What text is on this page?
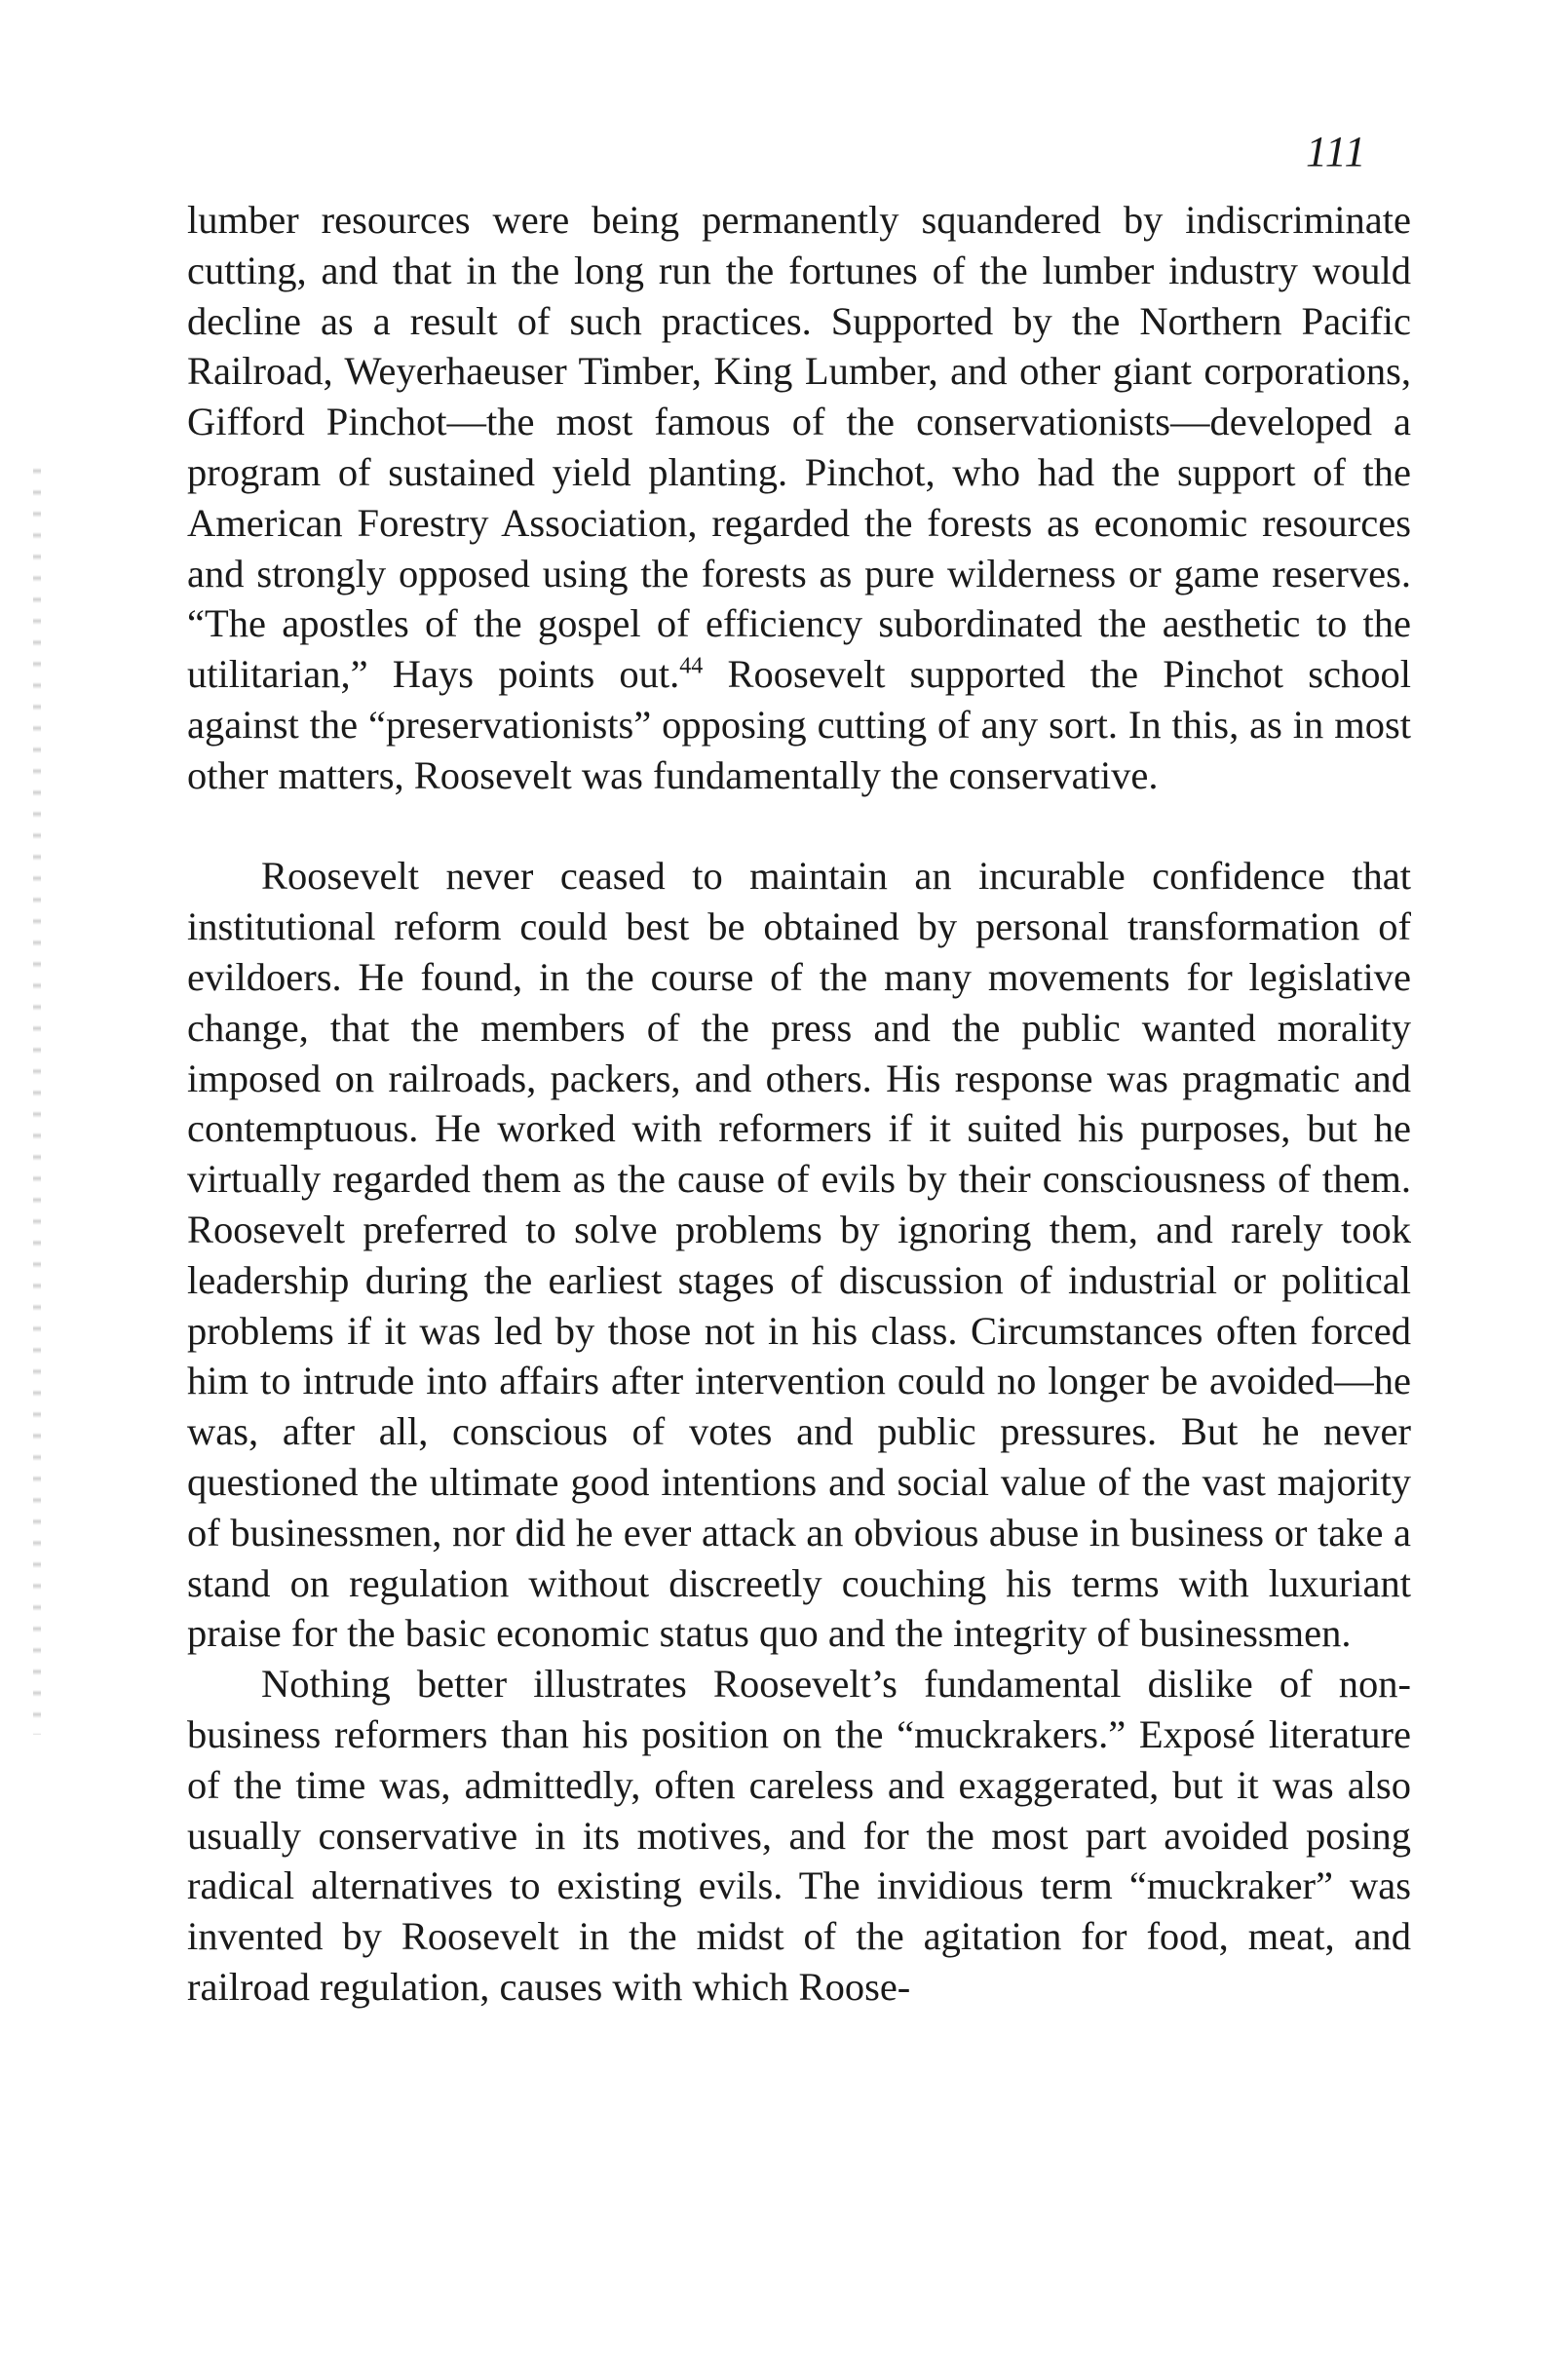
111

lumber resources were being permanently squandered by indiscriminate cutting, and that in the long run the fortunes of the lumber industry would decline as a result of such practices. Supported by the Northern Pacific Railroad, Weyerhaeuser Timber, King Lumber, and other giant corporations, Gifford Pinchot—the most famous of the conservationists—developed a program of sustained yield planting. Pinchot, who had the support of the American Forestry Association, regarded the forests as economic resources and strongly opposed using the forests as pure wilderness or game reserves. “The apostles of the gospel of efficiency subordinated the aesthetic to the utilitarian,” Hays points out.$^{44}$ Roosevelt supported the Pinchot school against the “preservationists” opposing cutting of any sort. In this, as in most other matters, Roosevelt was fundamentally the conservative.

Roosevelt never ceased to maintain an incurable confidence that institutional reform could best be obtained by personal transformation of evildoers. He found, in the course of the many movements for legislative change, that the members of the press and the public wanted morality imposed on railroads, packers, and others. His response was pragmatic and contemptuous. He worked with reformers if it suited his purposes, but he virtually regarded them as the cause of evils by their consciousness of them. Roosevelt preferred to solve problems by ignoring them, and rarely took leadership during the earliest stages of discussion of industrial or political problems if it was led by those not in his class. Circumstances often forced him to intrude into affairs after intervention could no longer be avoided—he was, after all, conscious of votes and public pressures. But he never questioned the ultimate good intentions and social value of the vast majority of businessmen, nor did he ever attack an obvious abuse in business or take a stand on regulation without discreetly couching his terms with luxuriant praise for the basic economic status quo and the integrity of businessmen.

Nothing better illustrates Roosevelt’s fundamental dislike of nonbusiness reformers than his position on the “muckrakers.” Exposé literature of the time was, admittedly, often careless and exaggerated, but it was also usually conservative in its motives, and for the most part avoided posing radical alternatives to existing evils. The invidious term “muckraker” was invented by Roosevelt in the midst of the agitation for food, meat, and railroad regulation, causes with which Roose-
